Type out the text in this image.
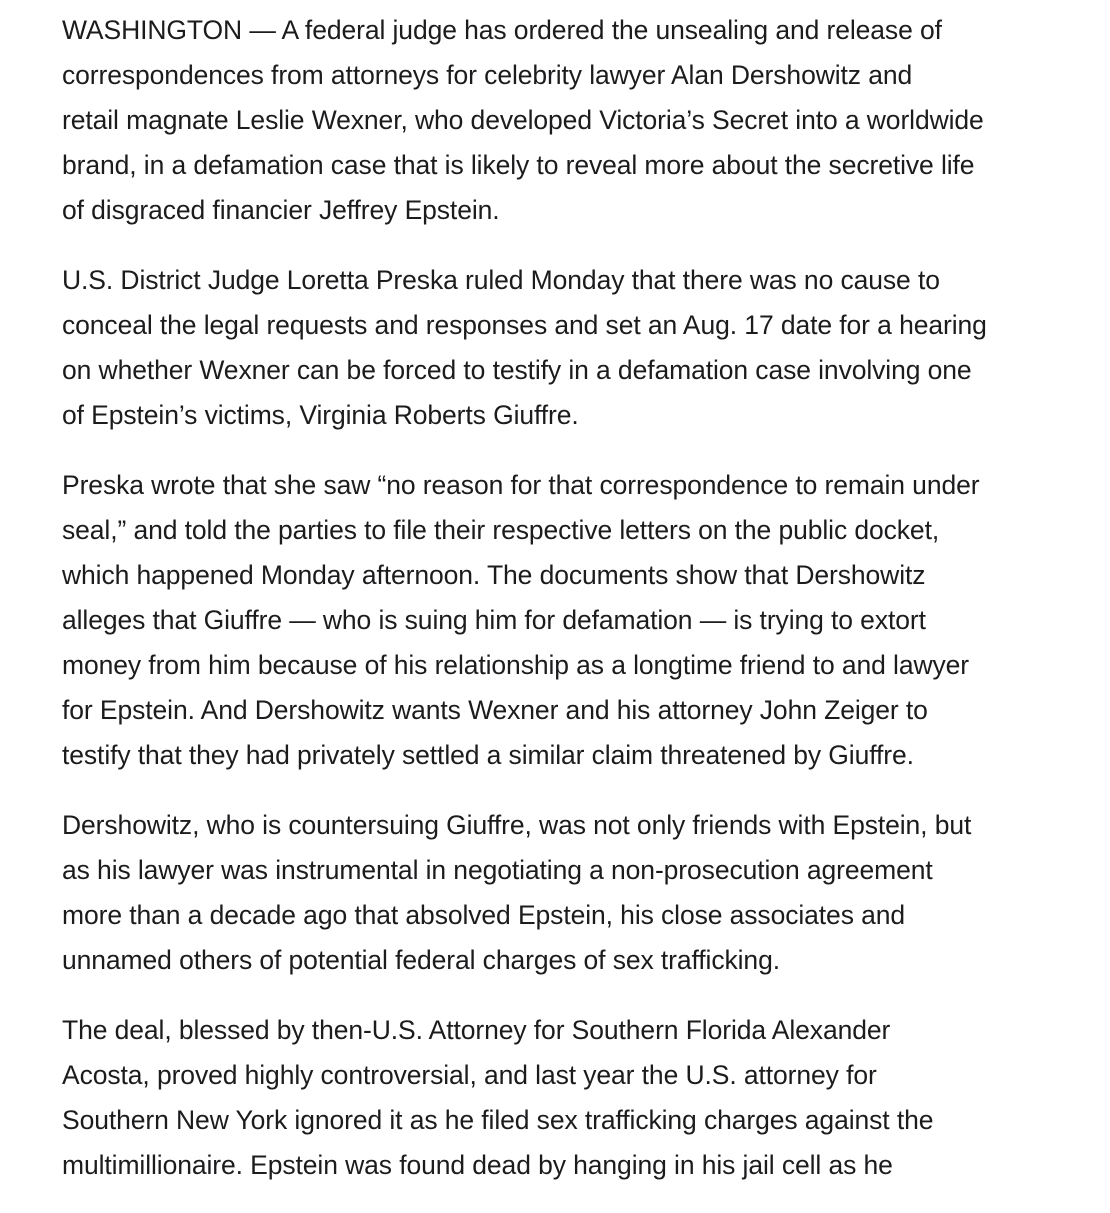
WASHINGTON — A federal judge has ordered the unsealing and release of
correspondences from attorneys for celebrity lawyer Alan Dershowitz and
retail magnate Leslie Wexner, who developed Victoria’s Secret into a worldwide
brand, in a defamation case that is likely to reveal more about the secretive life
of disgraced financier Jeffrey Epstein.

U.S. District Judge Loretta Preska ruled Monday that there was no cause to
conceal the legal requests and responses and set an Aug. 17 date for a hearing
on whether Wexner can be forced to testify in a defamation case involving one
of Epstein’s victims, Virginia Roberts Giuffre.

Preska wrote that she saw “no reason for that correspondence to remain under
seal,” and told the parties to file their respective letters on the public docket,
which happened Monday afternoon. The documents show that Dershowitz
alleges that Giuffre — who is suing him for defamation — is trying to extort
money from him because of his relationship as a longtime friend to and lawyer
for Epstein. And Dershowitz wants Wexner and his attorney John Zeiger to
testify that they had privately settled a similar claim threatened by Giuffre.

Dershowitz, who is countersuing Giuffre, was not only friends with Epstein, but
as his lawyer was instrumental in negotiating a non-prosecution agreement
more than a decade ago that absolved Epstein, his close associates and
unnamed others of potential federal charges of sex trafficking.

The deal, blessed by then-U.S. Attorney for Southern Florida Alexander
Acosta, proved highly controversial, and last year the U.S. attorney for
Southern New York ignored it as he filed sex trafficking charges against the
multimillionaire. Epstein was found dead by hanging in his jail cell as he
